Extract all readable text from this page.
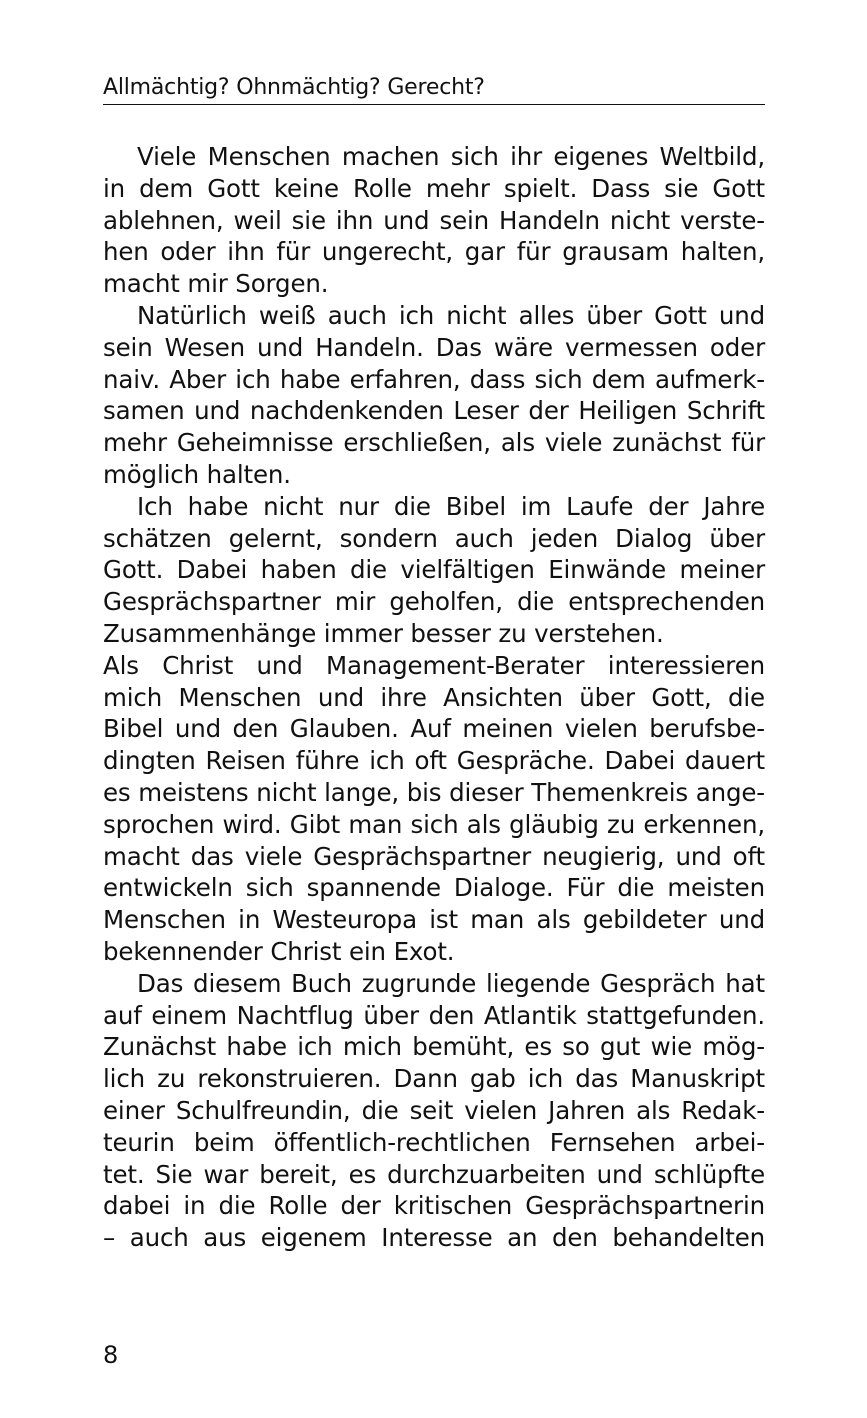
Allmächtig? Ohnmächtig? Gerecht?
Viele Menschen machen sich ihr eigenes Weltbild,
in dem Gott keine Rolle mehr spielt. Dass sie Gott
ablehnen, weil sie ihn und sein Handeln nicht verste-
hen oder ihn für ungerecht, gar für grausam halten,
macht mir Sorgen.
Natürlich weiß auch ich nicht alles über Gott und
sein Wesen und Handeln. Das wäre vermessen oder
naiv. Aber ich habe erfahren, dass sich dem aufmerk-
samen und nachdenkenden Leser der Heiligen Schrift
mehr Geheimnisse erschließen, als viele zunächst für
möglich halten.
Ich habe nicht nur die Bibel im Laufe der Jahre
schätzen gelernt, sondern auch jeden Dialog über
Gott. Dabei haben die vielfältigen Einwände meiner
Gesprächspartner mir geholfen, die entsprechenden
Zusammenhänge immer besser zu verstehen.
Als Christ und Management-Berater interessieren
mich Menschen und ihre Ansichten über Gott, die
Bibel und den Glauben. Auf meinen vielen berufsbe-
dingten Reisen führe ich oft Gespräche. Dabei dauert
es meistens nicht lange, bis dieser Themenkreis ange-
sprochen wird. Gibt man sich als gläubig zu erkennen,
macht das viele Gesprächspartner neugierig, und oft
entwickeln sich spannende Dialoge. Für die meisten
Menschen in Westeuropa ist man als gebildeter und
bekennender Christ ein Exot.
Das diesem Buch zugrunde liegende Gespräch hat
auf einem Nachtflug über den Atlantik stattgefunden.
Zunächst habe ich mich bemüht, es so gut wie mög-
lich zu rekonstruieren. Dann gab ich das Manuskript
einer Schulfreundin, die seit vielen Jahren als Redak-
teurin beim öffentlich-rechtlichen Fernsehen arbei-
tet. Sie war bereit, es durchzuarbeiten und schlüpfte
dabei in die Rolle der kritischen Gesprächspartnerin
– auch aus eigenem Interesse an den behandelten
8
